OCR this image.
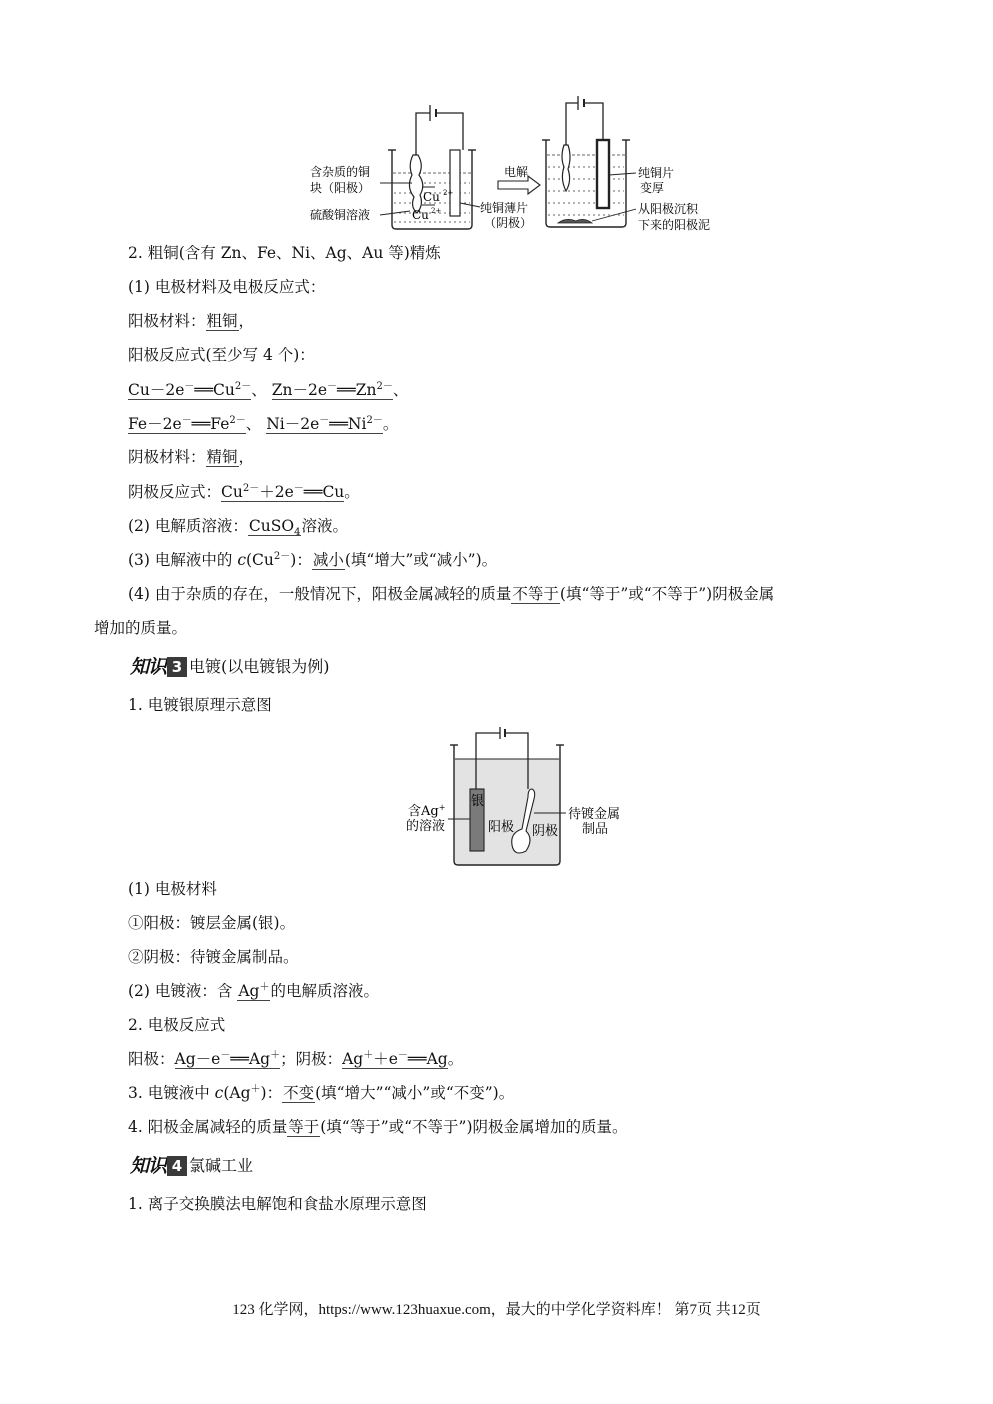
Cu 2+
Cu 2+
含杂质的铜
块（阳极）
硫酸铜溶液	纯铜薄片
（阴极）
电解	纯铜片
变厚
从阳极沉积
下来的阳极泥
2. 粗铜(含有 Zn、Fe、Ni、Ag、Au 等)精炼
(1) 电极材料及电极反应式：
阳极材料：粗铜，
阳极反应式(至少写 4 个)：
$Cu-2e^-══Cu^{2-}$、 $Zn-2e^-══Zn^{2-}$、
$Fe-2e^-══Fe^{2-}$、 $Ni-2e^-══Ni^{2-}$。
阴极材料：精铜，
阴极反应式：$Cu^{2-}+2e^-══Cu$。
(2) 电解质溶液：CuSO$_4$溶液。
(3) 电解液中的 $c(Cu^{2-})$：减小(填“增大”或“减小”)。
(4) 由于杂质的存在，一般情况下，阳极金属减轻的质量不等于(填“等于”或“不等于”)阴极金属
增加的质量。
知识 3 电镀(以电镀银为例)
1. 电镀银原理示意图
银
阳极 阴极
含Ag+
的溶液
待镀金属
制品
(1) 电极材料
①阳极：镀层金属(银)。
②阴极：待镀金属制品。
(2) 电镀液：含 Ag＋的电解质溶液。
2. 电极反应式
阳极：Ag－e－══Ag＋；阴极：Ag＋＋e－══Ag。
3. 电镀液中 c(Ag＋)：不变(填“增大”“减小”或“不变”)。
4. 阳极金属减轻的质量等于(填“等于”或“不等于”)阴极金属增加的质量。
知识 4 氯碱工业
1. 离子交换膜法电解饱和食盐水原理示意图
123 化学网，https://www.123huaxue.com，最大的中学化学资料库！ 第7页 共12页
